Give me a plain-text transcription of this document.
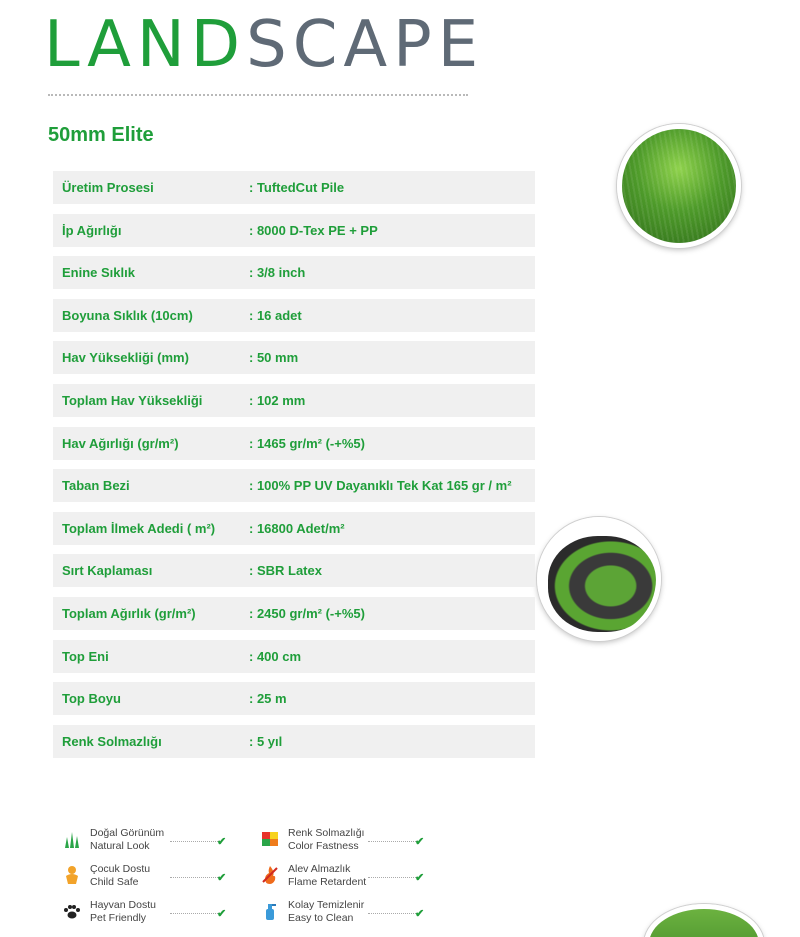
LAND SCAPE
50mm Elite
Üretim Prosesi	: TuftedCut Pile
İp Ağırlığı	: 8000 D-Tex PE + PP
Enine Sıklık	: 3/8 inch
Boyuna Sıklık (10cm)	: 16 adet
Hav Yüksekliği (mm)	: 50 mm
Toplam Hav Yüksekliği	: 102 mm
Hav Ağırlığı (gr/m²)	: 1465 gr/m² (-+%5)
Taban Bezi	: 100% PP UV Dayanıklı Tek Kat 165 gr / m²
Toplam İlmek Adedi ( m²)	: 16800 Adet/m²
Sırt Kaplaması	: SBR Latex
Toplam Ağırlık (gr/m²)	: 2450 gr/m² (-+%5)
Top Eni	: 400 cm
Top Boyu	: 25 m
Renk Solmazlığı	: 5 yıl
Doğal Görünüm
Natural Look	✔
Çocuk Dostu
Child Safe	✔
Hayvan Dostu
Pet Friendly	✔
Renk Solmazlığı
Color Fastness	✔
Alev Almazlık
Flame Retardent	✔
Kolay Temizlenir
Easy to Clean	✔
